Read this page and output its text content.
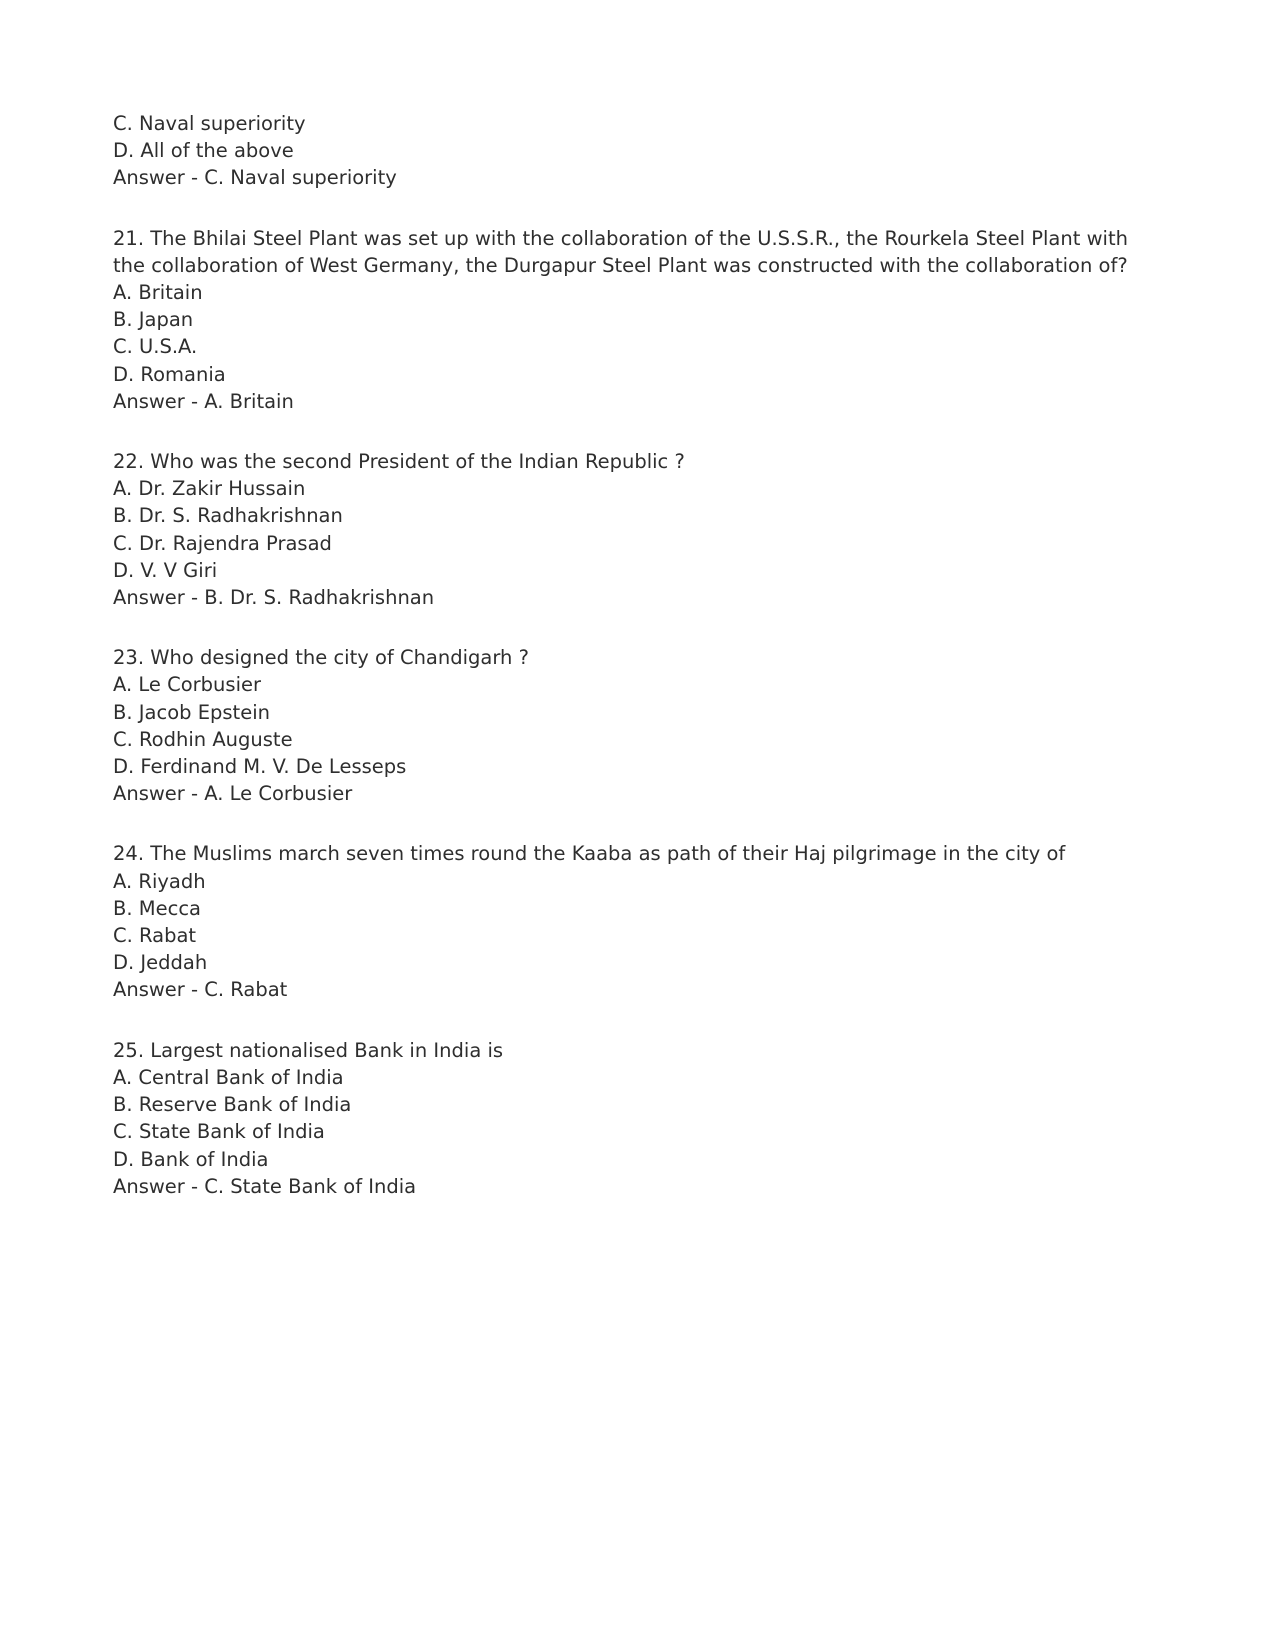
C. Naval superiority
D. All of the above
Answer - C. Naval superiority
21. The Bhilai Steel Plant was set up with the collaboration of the U.S.S.R., the Rourkela Steel Plant with the collaboration of West Germany, the Durgapur Steel Plant was constructed with the collaboration of?
A. Britain
B. Japan
C. U.S.A.
D. Romania
Answer - A. Britain
22. Who was the second President of the Indian Republic ?
A. Dr. Zakir Hussain
B. Dr. S. Radhakrishnan
C. Dr. Rajendra Prasad
D. V. V Giri
Answer - B. Dr. S. Radhakrishnan
23. Who designed the city of Chandigarh ?
A. Le Corbusier
B. Jacob Epstein
C. Rodhin Auguste
D. Ferdinand M. V. De Lesseps
Answer - A. Le Corbusier
24. The Muslims march seven times round the Kaaba as path of their Haj pilgrimage in the city of
A. Riyadh
B. Mecca
C. Rabat
D. Jeddah
Answer - C. Rabat
25. Largest nationalised Bank in India is
A. Central Bank of India
B. Reserve Bank of India
C. State Bank of India
D. Bank of India
Answer - C. State Bank of India
